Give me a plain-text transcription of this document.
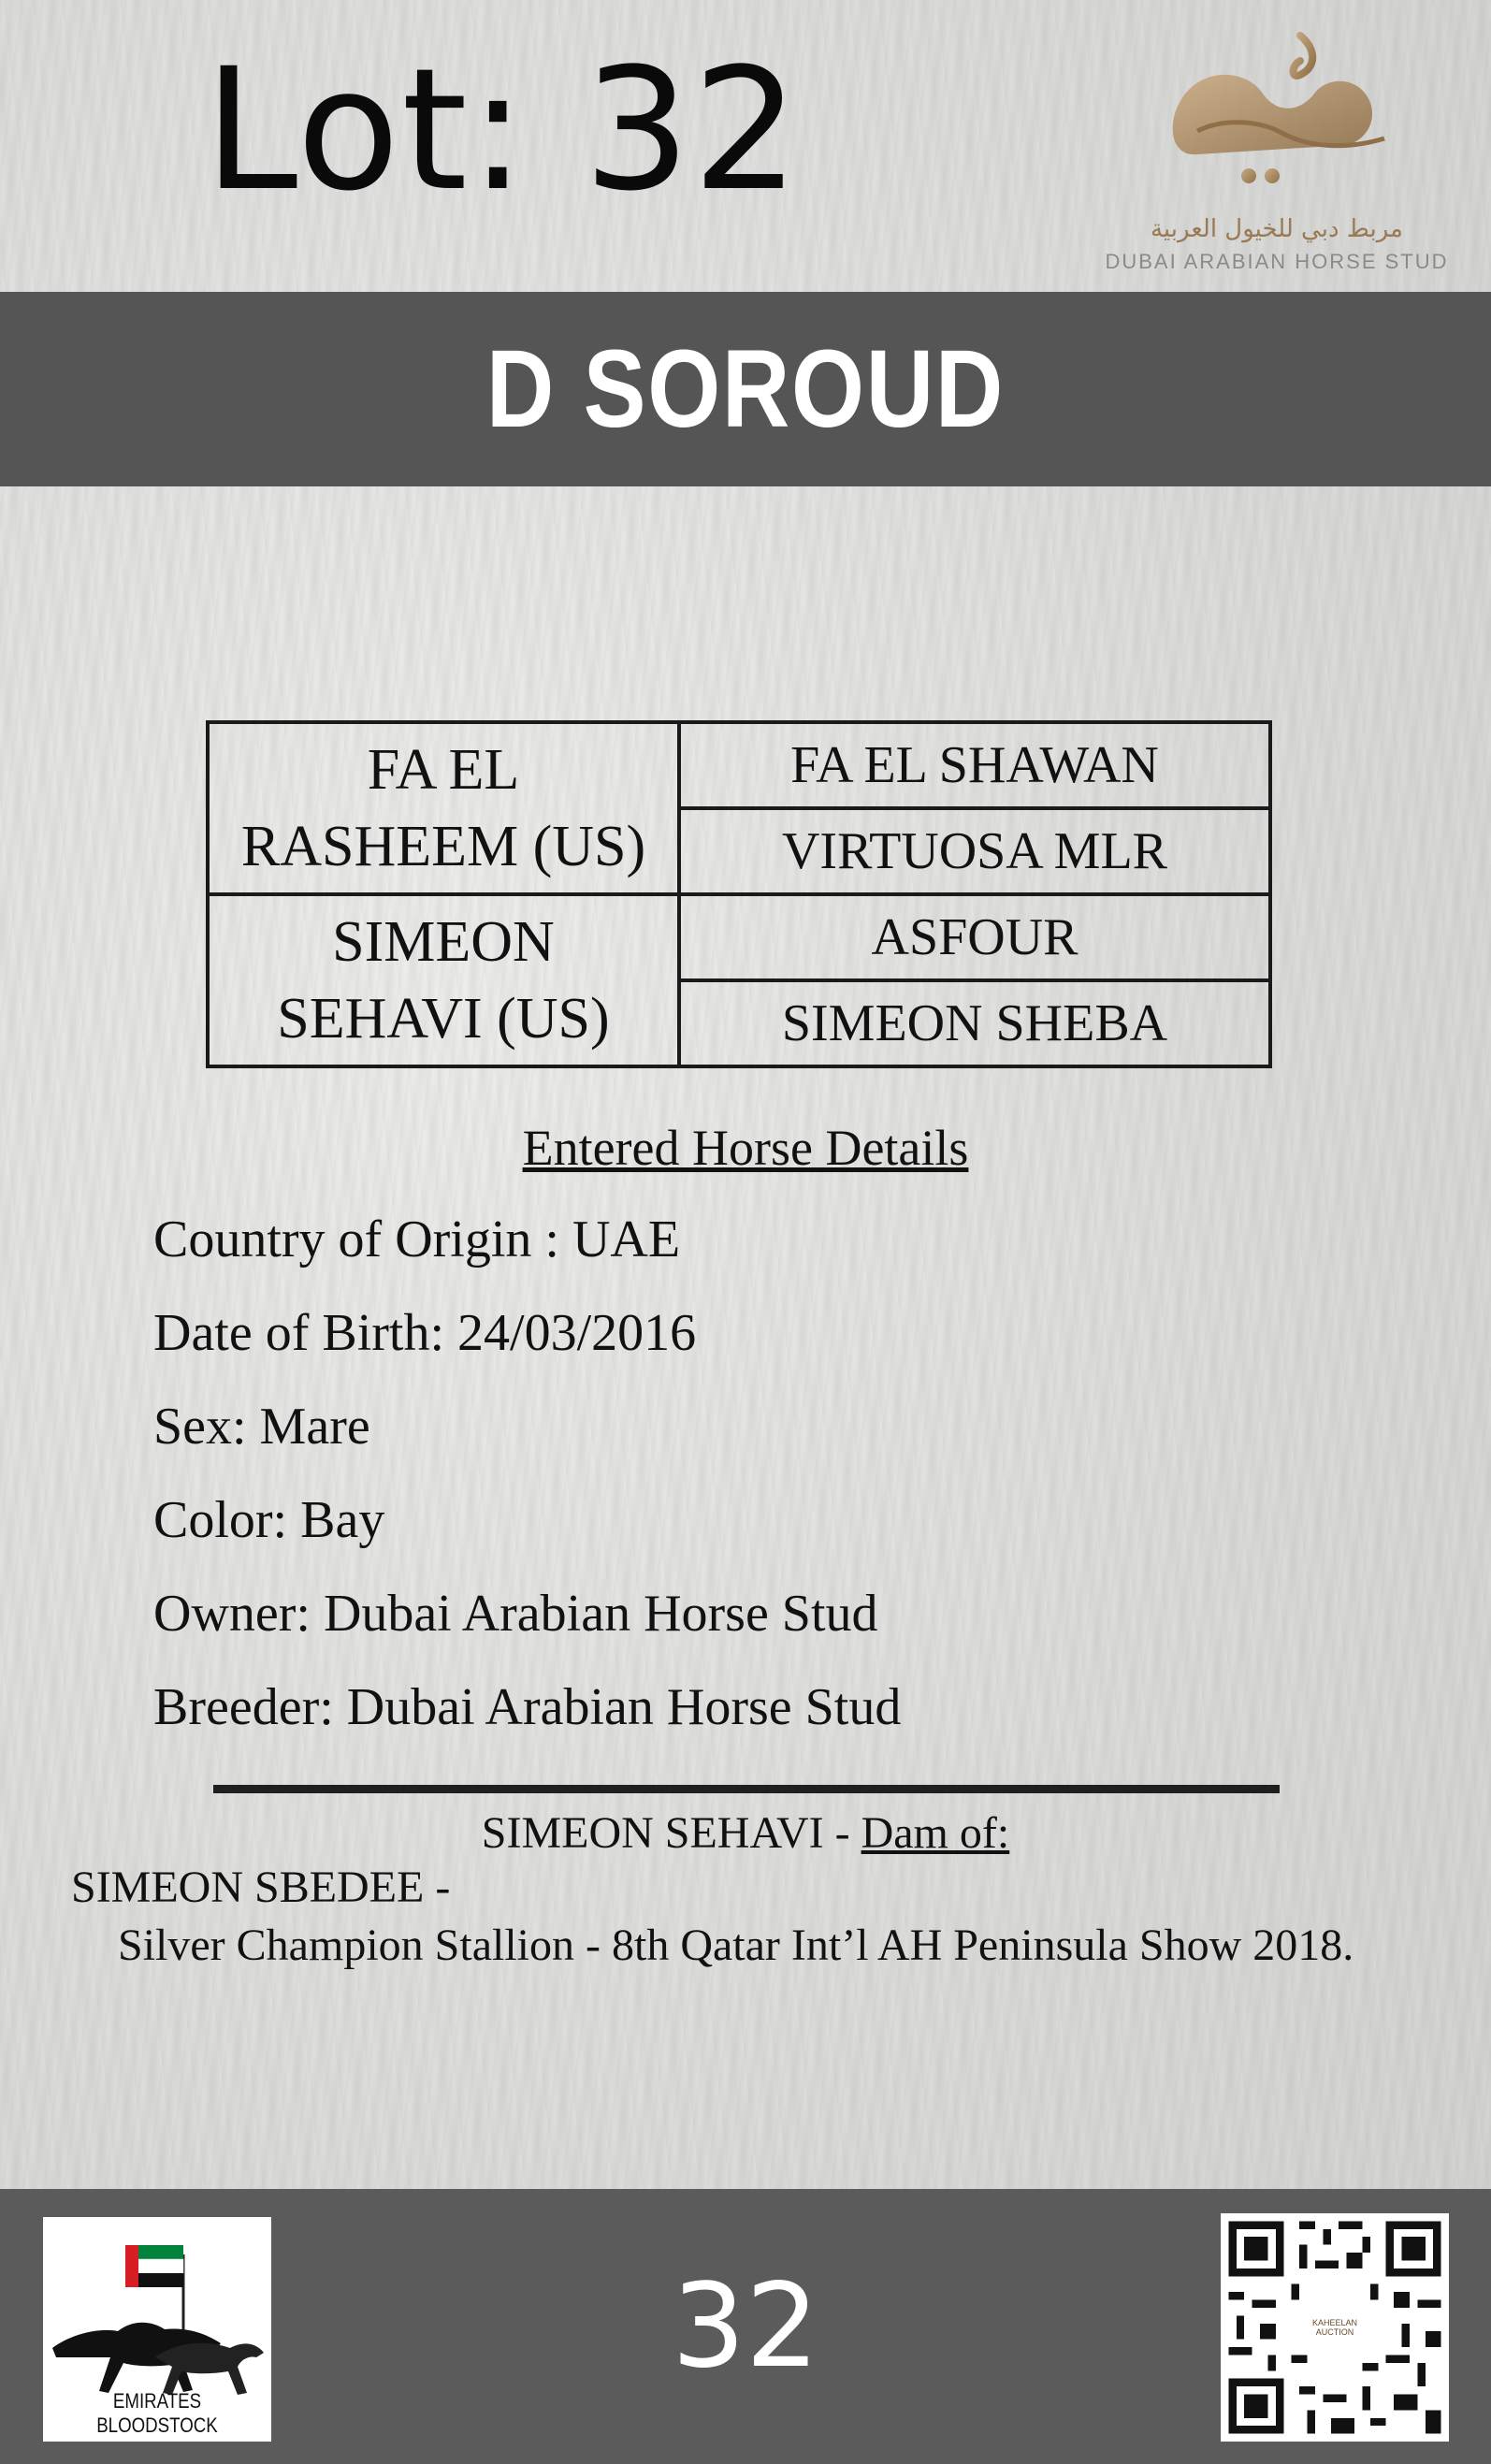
Lot: 32
مربط دبي للخيول العربية
DUBAI ARABIAN HORSE STUD
D SOROUD
FA EL
RASHEEM (US)	FA EL SHAWAN
	VIRTUOSA MLR
SIMEON
SEHAVI (US)	ASFOUR
	SIMEON SHEBA
Entered Horse Details
Country of Origin : UAE
Date of Birth: 24/03/2016
Sex: Mare
Color: Bay
Owner: Dubai Arabian Horse Stud
Breeder: Dubai Arabian Horse Stud
SIMEON SEHAVI - Dam of:
SIMEON SBEDEE -
Silver Champion Stallion - 8th Qatar Int’l AH Peninsula Show 2018.
32
EMIRATES BLOODSTOCK
KAHEELAN AUCTION
